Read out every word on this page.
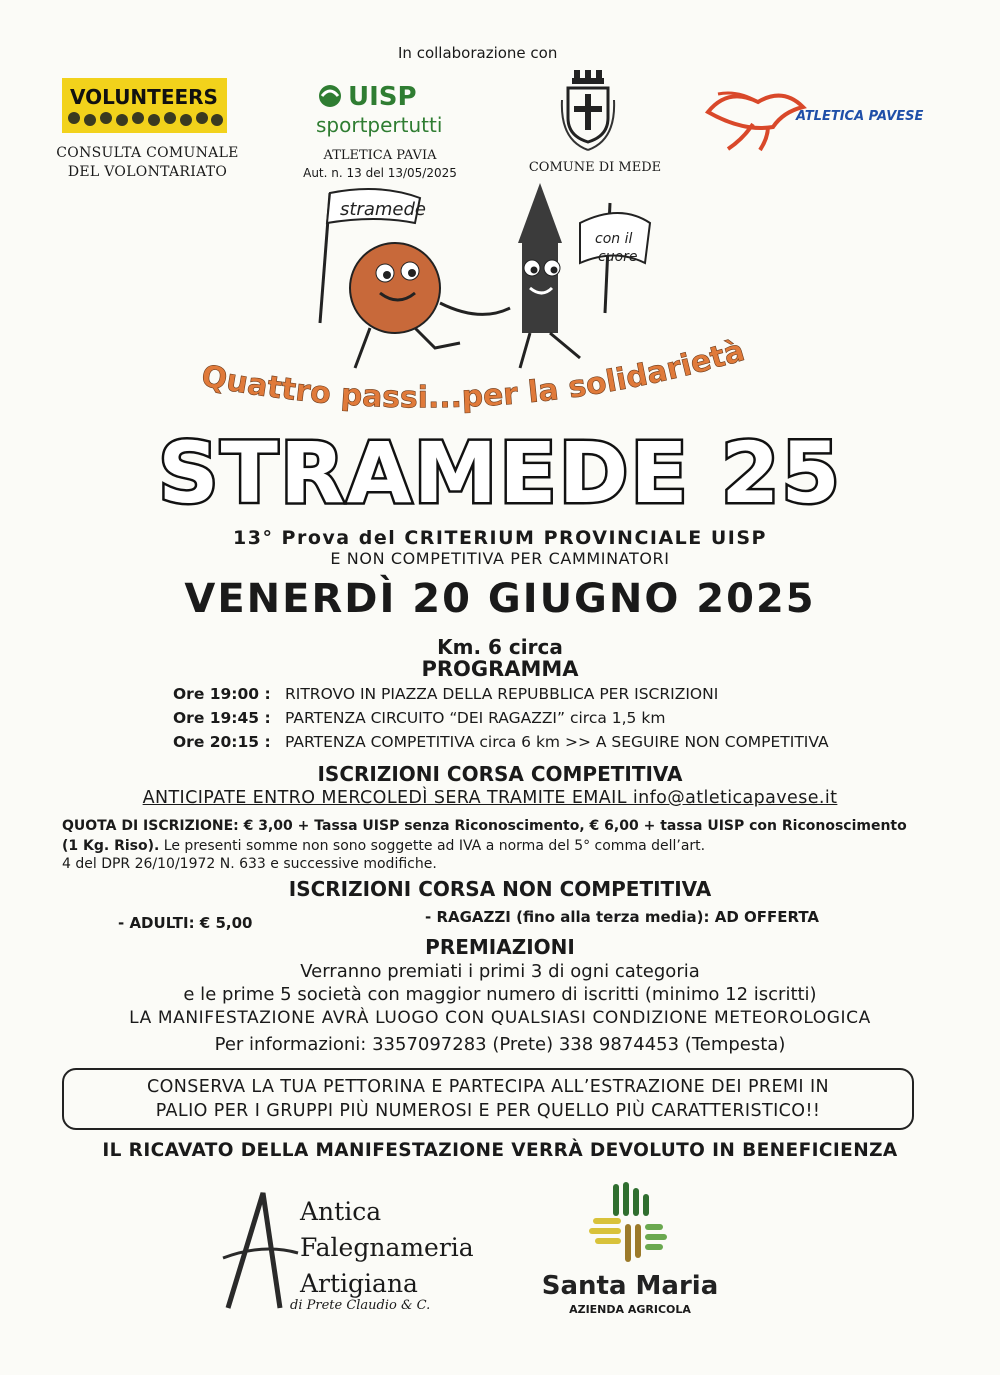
In collaborazione con
VOLUNTEERS
CONSULTA COMUNALE
DEL VOLONTARIATO
UISP
sportpertutti
ATLETICA PAVIA
Aut. n. 13 del 13/05/2025	COMUNE DI MEDE
ATLETICA PAVESE
stramede
con il
cuore
Quattro passi...per la solidarietà
STRAMEDE 25
13° Prova del CRITERIUM PROVINCIALE UISP
E NON COMPETITIVA PER CAMMINATORI
VENERDÌ 20 GIUGNO 2025
Km. 6 circa
PROGRAMMA
Ore 19:00 : RITROVO IN PIAZZA DELLA REPUBBLICA PER ISCRIZIONI
Ore 19:45 : PARTENZA CIRCUITO “DEI RAGAZZI” circa 1,5 km
Ore 20:15 : PARTENZA COMPETITIVA circa 6 km >> A SEGUIRE NON COMPETITIVA
ISCRIZIONI CORSA COMPETITIVA
ANTICIPATE ENTRO MERCOLEDÌ SERA TRAMITE EMAIL info@atleticapavese.it
QUOTA DI ISCRIZIONE: € 3,00 + Tassa UISP senza Riconoscimento, € 6,00 + tassa UISP con Riconoscimento (1 Kg. Riso). Le presenti somme non sono soggette ad IVA a norma del 5° comma dell’art.
4 del DPR 26/10/1972 N. 633 e successive modifiche.
ISCRIZIONI CORSA NON COMPETITIVA
- ADULTI: € 5,00	- RAGAZZI (fino alla terza media): AD OFFERTA
PREMIAZIONI
Verranno premiati i primi 3 di ogni categoria
e le prime 5 società con maggior numero di iscritti (minimo 12 iscritti)
LA MANIFESTAZIONE AVRÀ LUOGO CON QUALSIASI CONDIZIONE METEOROLOGICA
Per informazioni: 3357097283 (Prete) 338 9874453 (Tempesta)
CONSERVA LA TUA PETTORINA E PARTECIPA ALL’ESTRAZIONE DEI PREMI IN
PALIO PER I GRUPPI PIÙ NUMEROSI E PER QUELLO PIÙ CARATTERISTICO!!
IL RICAVATO DELLA MANIFESTAZIONE VERRÀ DEVOLUTO IN BENEFICIENZA
Antica
Falegnameria
Artigiana
di Prete Claudio & C.
Santa Maria
AZIENDA AGRICOLA
